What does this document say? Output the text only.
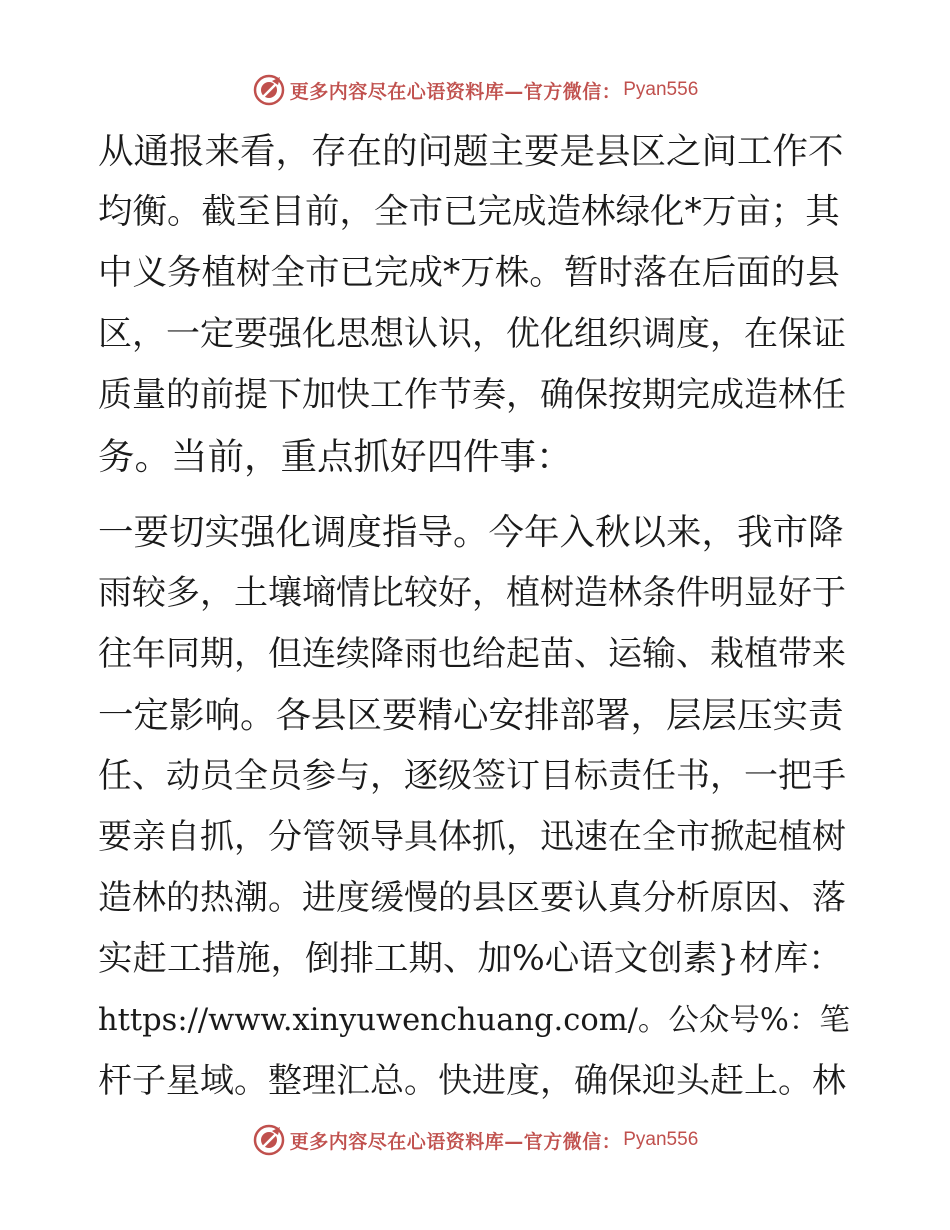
更多内容尽在心语资料库—官方微信： Pyan556
从通报来看，存在的问题主要是县区之间工作不
均衡。截至目前，全市已完成造林绿化*万亩；其
中义务植树全市已完成*万株。暂时落在后面的县
区，一定要强化思想认识，优化组织调度，在保证
质量的前提下加快工作节奏，确保按期完成造林任
务。当前，重点抓好四件事：
一要切实强化调度指导。今年入秋以来，我市降
雨较多，土壤墒情比较好，植树造林条件明显好于
往年同期，但连续降雨也给起苗、运输、栽植带来
一定影响。各县区要精心安排部署，层层压实责
任、动员全员参与，逐级签订目标责任书，一把手
要亲自抓，分管领导具体抓，迅速在全市掀起植树
造林的热潮。进度缓慢的县区要认真分析原因、落
实赶工措施，倒排工期、加%心语文创素}材库：
https://www.xinyuwenchuang.com/。公众号%：笔
杆子星域。整理汇总。快进度，确保迎头赶上。林
更多内容尽在心语资料库—官方微信： Pyan556
